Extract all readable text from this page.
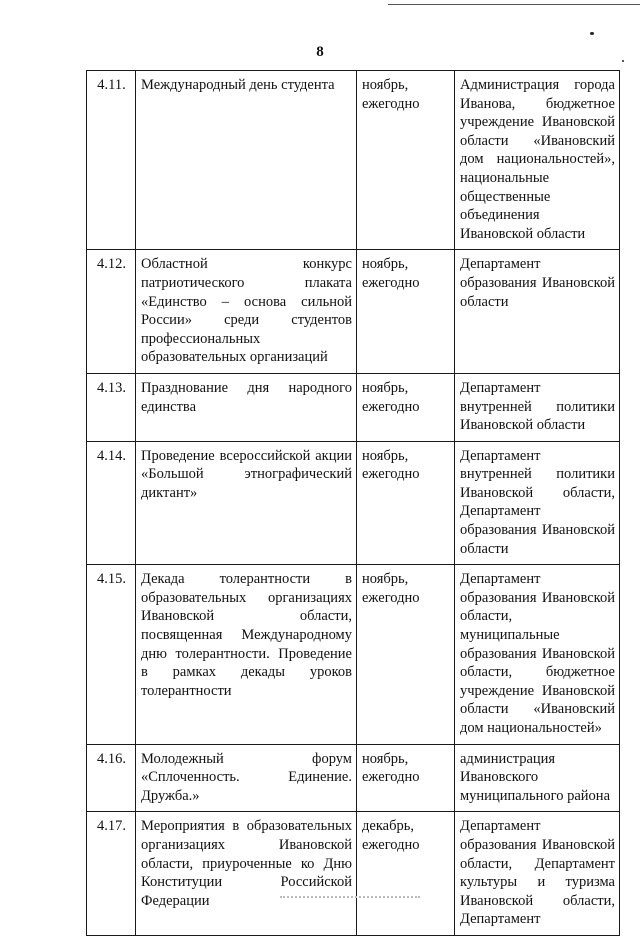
8
4.11.	Международный день студента	ноябрь, ежегодно	Администрация города Иванова, бюджетное учреждение Ивановской области «Ивановский дом национальностей», национальные общественные объединения Ивановской области
4.12.	Областной конкурс патриотического плаката «Единство – основа сильной России» среди студентов профессиональных образовательных организаций	ноябрь, ежегодно	Департамент образования Ивановской области
4.13.	Празднование дня народного единства	ноябрь, ежегодно	Департамент внутренней политики Ивановской области
4.14.	Проведение всероссийской акции «Большой этнографический диктант»	ноябрь, ежегодно	Департамент внутренней политики Ивановской области, Департамент образования Ивановской области
4.15.	Декада толерантности в образовательных организациях Ивановской области, посвященная Международному дню толерантности. Проведение в рамках декады уроков толерантности	ноябрь, ежегодно	Департамент образования Ивановской области, муниципальные образования Ивановской области, бюджетное учреждение Ивановской области «Ивановский дом национальностей»
4.16.	Молодежный форум «Сплоченность. Единение. Дружба.»	ноябрь, ежегодно	администрация Ивановского муниципального района
4.17.	Мероприятия в образовательных организациях Ивановской области, приуроченные ко Дню Конституции Российской Федерации	декабрь, ежегодно	Департамент образования Ивановской области, Департамент культуры и туризма Ивановской области, Департамент
